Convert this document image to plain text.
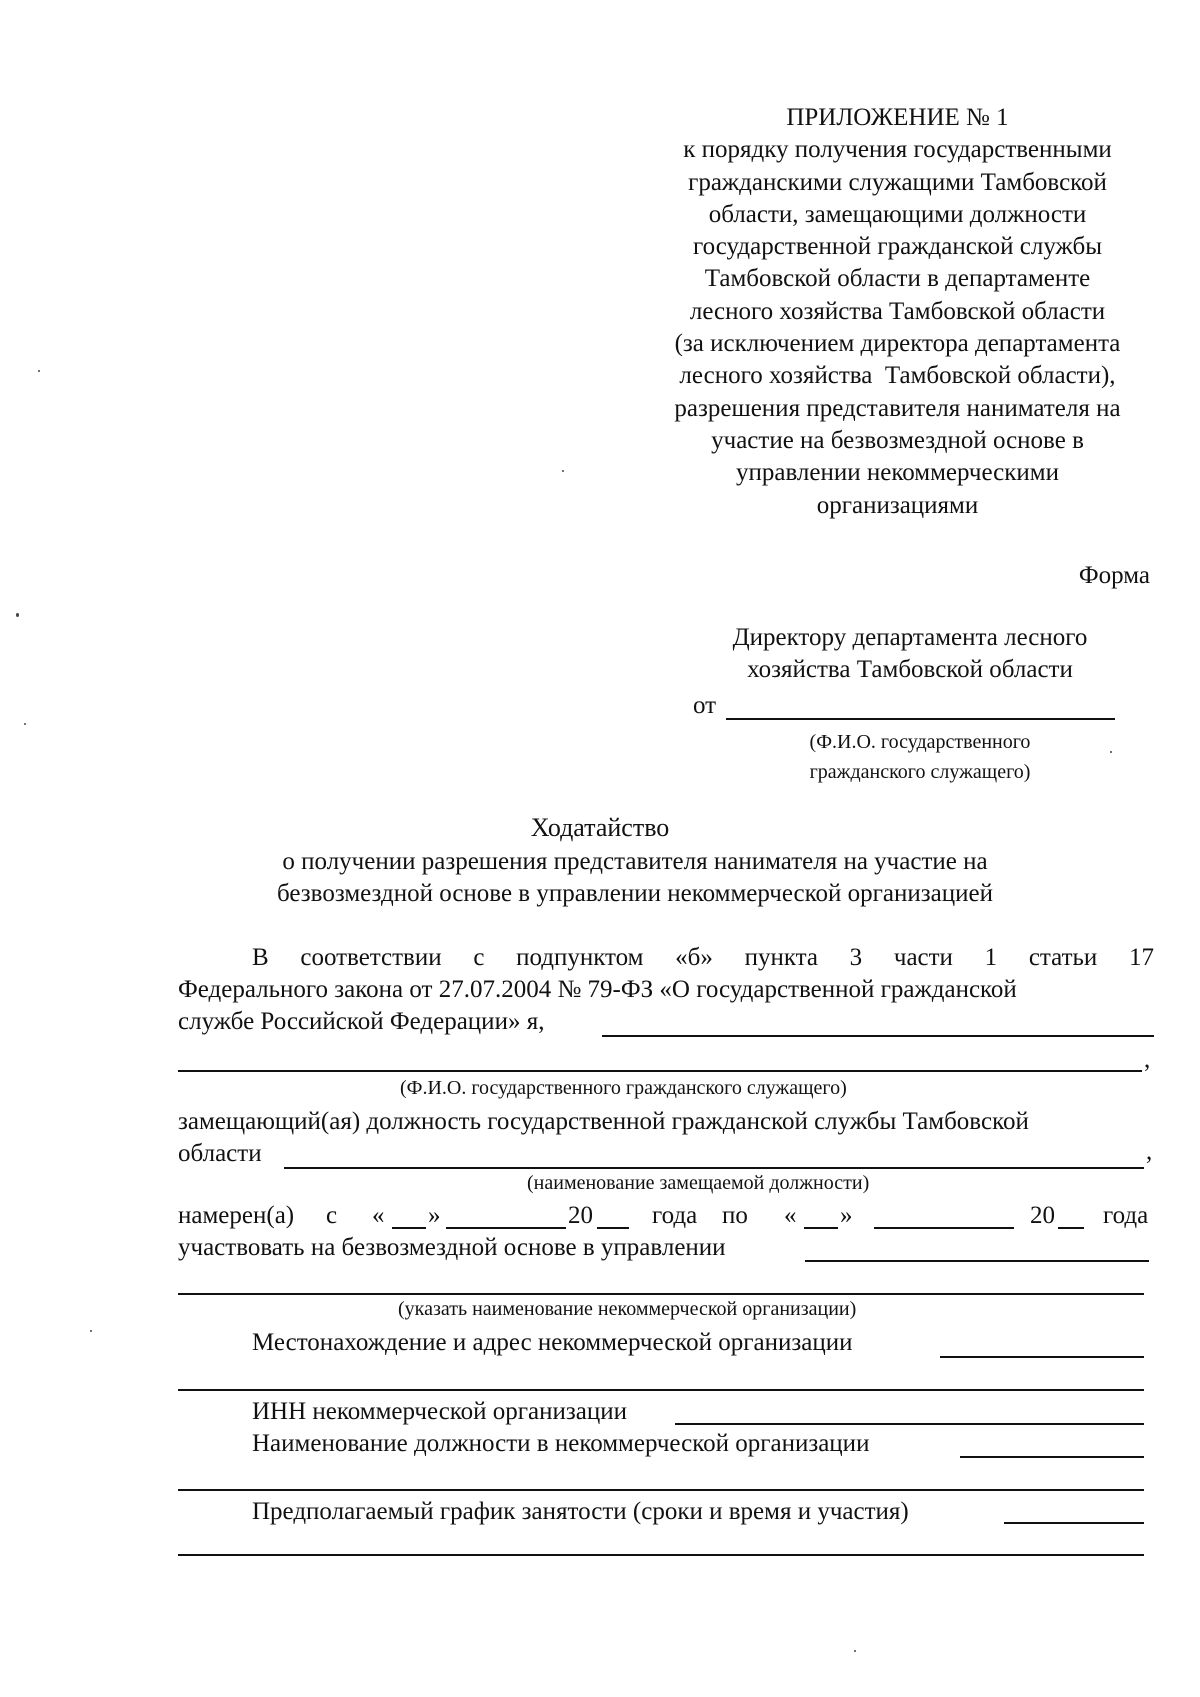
ПРИЛОЖЕНИЕ № 1
к порядку получения государственными
гражданскими служащими Тамбовской
области, замещающими должности
государственной гражданской службы
Тамбовской области в департаменте
лесного хозяйства Тамбовской области
(за исключением директора департамента
лесного хозяйства  Тамбовской области),
разрешения представителя нанимателя на
участие на безвозмездной основе в
управлении некоммерческими
организациями
Форма
Директору департамента лесного
хозяйства Тамбовской области
от
(Ф.И.О. государственного
гражданского служащего)
Ходатайство
о получении разрешения представителя нанимателя на участие на
безвозмездной основе в управлении некоммерческой организацией
В соответствии с подпунктом «б» пункта 3 части 1 статьи 17
Федерального закона от 27.07.2004 № 79-ФЗ «О государственной гражданской
службе Российской Федерации» я,
,
(Ф.И.О. государственного гражданского служащего)
замещающий(ая) должность государственной гражданской службы Тамбовской
области	,
(наименование замещаемой должности)
намерен(а) с « »	20 года по « »	20 года
участвовать на безвозмездной основе в управлении
(указать наименование некоммерческой организации)
Местонахождение и адрес некоммерческой организации
ИНН некоммерческой организации
Наименование должности в некоммерческой организации
Предполагаемый график занятости (сроки и время и участия)
